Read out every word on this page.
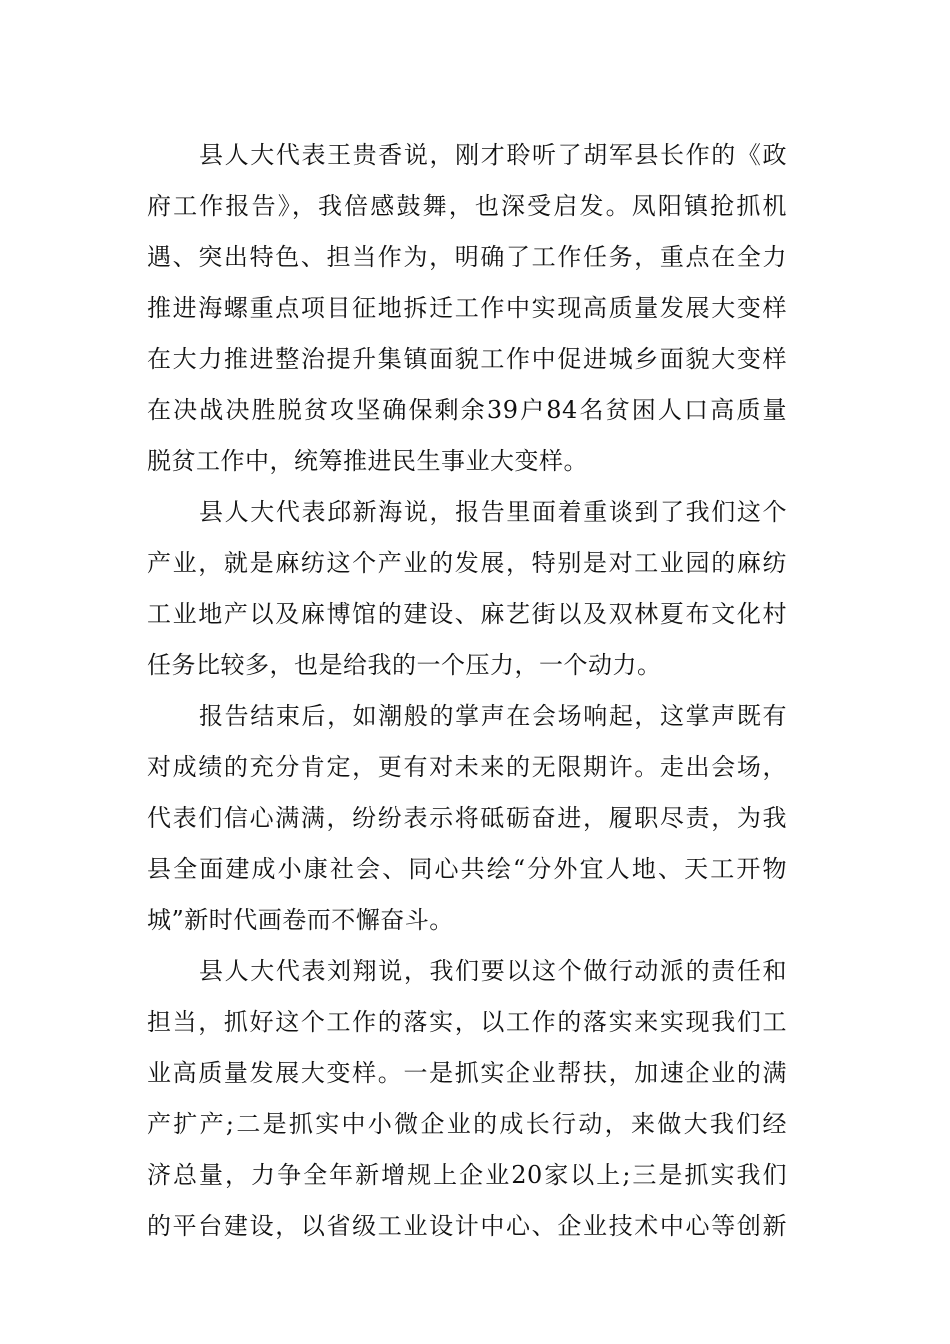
县人大代表王贵香说，刚才聆听了胡军县长作的《政
府工作报告》，我倍感鼓舞，也深受启发。凤阳镇抢抓机
遇、突出特色、担当作为，明确了工作任务，重点在全力
推进海螺重点项目征地拆迁工作中实现高质量发展大变样
在大力推进整治提升集镇面貌工作中促进城乡面貌大变样
在决战决胜脱贫攻坚确保剩余39户84名贫困人口高质量
脱贫工作中，统筹推进民生事业大变样。
县人大代表邱新海说，报告里面着重谈到了我们这个
产业，就是麻纺这个产业的发展，特别是对工业园的麻纺
工业地产以及麻博馆的建设、麻艺街以及双林夏布文化村
任务比较多，也是给我的一个压力，一个动力。
报告结束后，如潮般的掌声在会场响起，这掌声既有
对成绩的充分肯定，更有对未来的无限期许。走出会场，
代表们信心满满，纷纷表示将砥砺奋进，履职尽责，为我
县全面建成小康社会、同心共绘“分外宜人地、天工开物
城”新时代画卷而不懈奋斗。
县人大代表刘翔说，我们要以这个做行动派的责任和
担当，抓好这个工作的落实，以工作的落实来实现我们工
业高质量发展大变样。一是抓实企业帮扶，加速企业的满
产扩产;二是抓实中小微企业的成长行动，来做大我们经
济总量，力争全年新增规上企业20家以上;三是抓实我们
的平台建设，以省级工业设计中心、企业技术中心等创新
